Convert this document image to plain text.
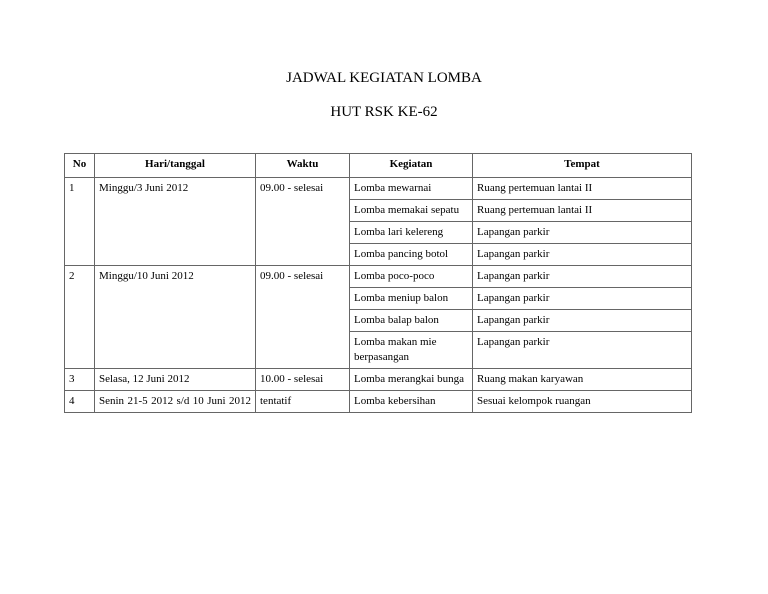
JADWAL KEGIATAN LOMBA
HUT RSK KE-62
No	Hari/tanggal	Waktu	Kegiatan	Tempat
1	Minggu/3 Juni 2012	09.00 - selesai	Lomba mewarnai	Ruang pertemuan lantai II
			Lomba memakai sepatu	Ruang pertemuan lantai II
			Lomba lari kelereng	Lapangan parkir
			Lomba pancing botol	Lapangan parkir
2	Minggu/10 Juni 2012	09.00 - selesai	Lomba poco-poco	Lapangan parkir
			Lomba meniup balon	Lapangan parkir
			Lomba balap balon	Lapangan parkir
			Lomba makan mie berpasangan	Lapangan parkir
3	Selasa, 12 Juni 2012	10.00 - selesai	Lomba merangkai bunga	Ruang makan karyawan
4	Senin 21-5 2012 s/d 10 Juni 2012	tentatif	Lomba kebersihan	Sesuai kelompok ruangan
